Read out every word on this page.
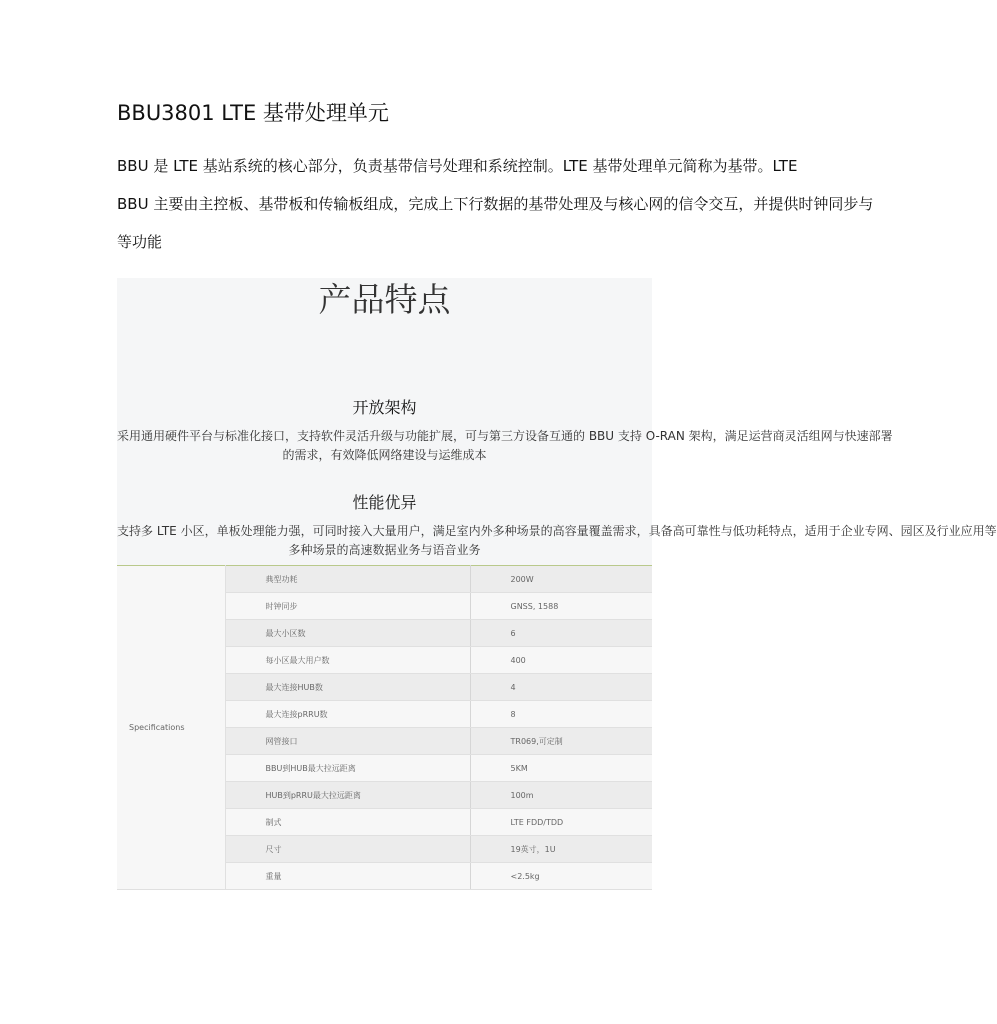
BBU3801 LTE 基带处理单元

BBU 是 LTE 基站系统的核心部分，负责基带信号处理和系统控制。LTE 基带处理单元简称为基带。LTE
BBU 主要由主控板、基带板和传输板组成，完成上下行数据的基带处理及与核心网的信令交互，并提供时钟同步与
等功能

产品特点
开放架构

采用通用硬件平台与标准化接口，支持软件灵活升级与功能扩展，可与第三方设备互通的 BBU 支持 O-RAN 架构，满足运营商灵活组网与快速部署
的需求，有效降低网络建设与运维成本

性能优异

支持多 LTE 小区，单板处理能力强，可同时接入大量用户，满足室内外多种场景的高容量覆盖需求，具备高可靠性与低功耗特点，适用于企业专网、园区及行业应用等
多种场景的高速数据业务与语音业务

Specifications	典型功耗	200W
	时钟同步	GNSS, 1588
	最大小区数	6
	每小区最大用户数	400
	最大连接HUB数	4
	最大连接pRRU数	8
	网管接口	TR069,可定制
	BBU到HUB最大拉远距离	5KM
	HUB到pRRU最大拉远距离	100m
	制式	LTE FDD/TDD
	尺寸	19英寸，1U
	重量	<2.5kg
